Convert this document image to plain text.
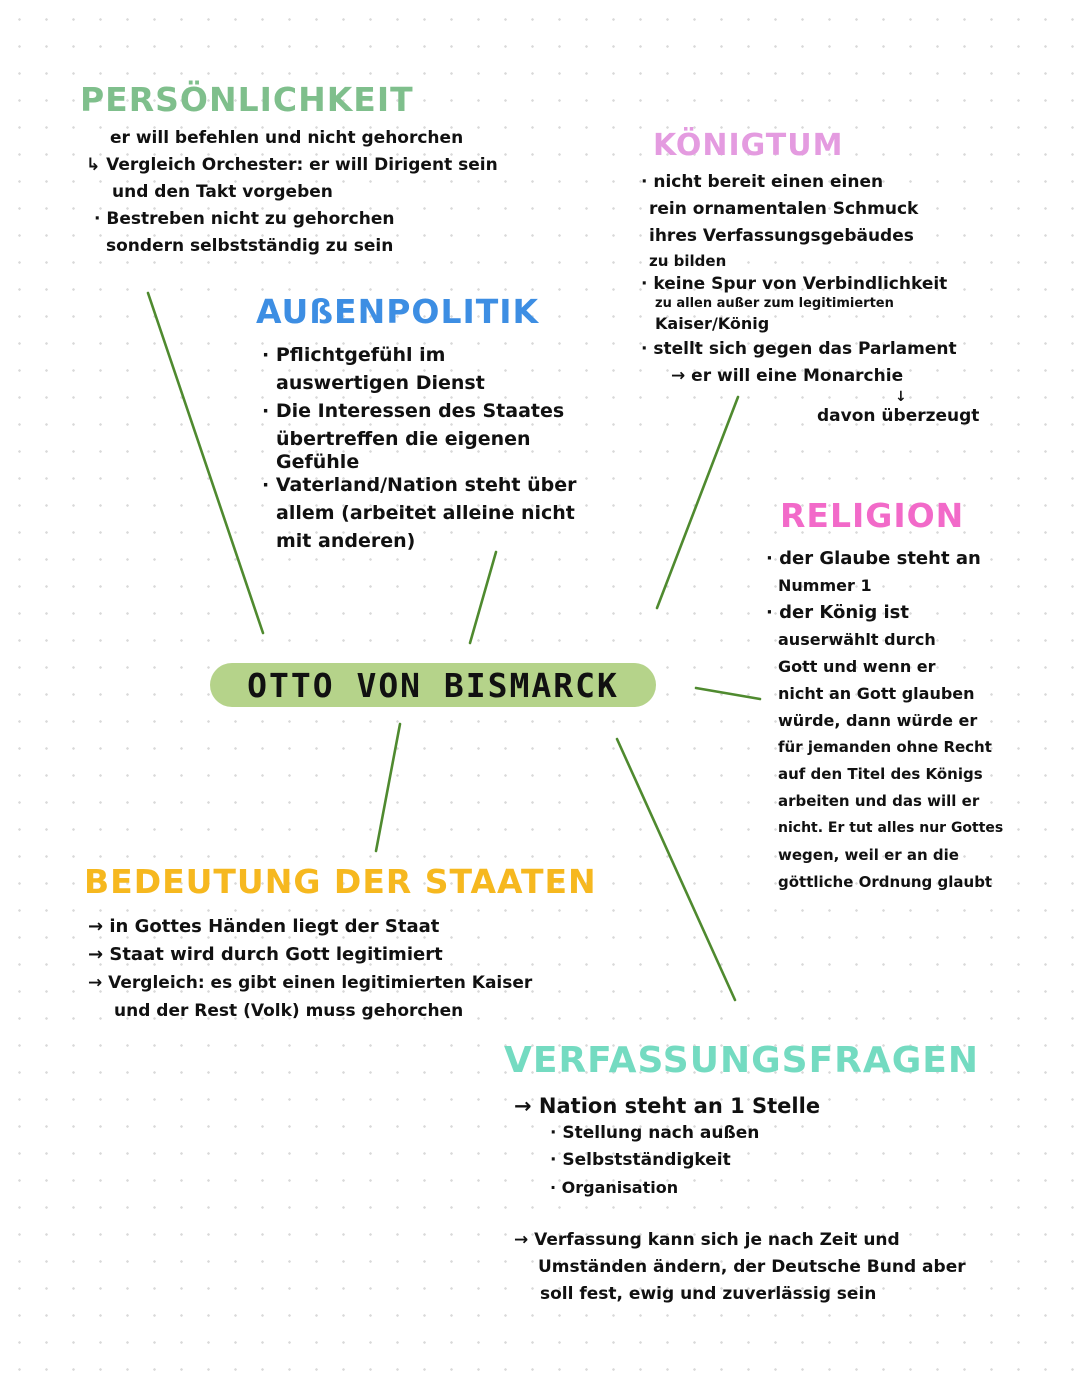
PERSÖNLICHKEIT
er will befehlen und nicht gehorchen
↳ Vergleich Orchester: er will Dirigent sein
und den Takt vorgeben
· Bestreben nicht zu gehorchen
sondern selbstständig zu sein
KÖNIGTUM
· nicht bereit einen einen
rein ornamentalen Schmuck
ihres Verfassungsgebäudes
zu bilden
· keine Spur von Verbindlichkeit
zu allen außer zum legitimierten
Kaiser/König
· stellt sich gegen das Parlament
→ er will eine Monarchie
↓
davon überzeugt
AUßENPOLITIK
· Pflichtgefühl im
auswertigen Dienst
· Die Interessen des Staates
übertreffen die eigenen
Gefühle
· Vaterland/Nation steht über
allem (arbeitet alleine nicht
mit anderen)
OTTO VON BISMARCK
RELIGION
· der Glaube steht an
Nummer 1
· der König ist
auserwählt durch
Gott und wenn er
nicht an Gott glauben
würde, dann würde er
für jemanden ohne Recht
auf den Titel des Königs
arbeiten und das will er
nicht. Er tut alles nur Gottes
wegen, weil er an die
göttliche Ordnung glaubt
BEDEUTUNG DER STAATEN
→ in Gottes Händen liegt der Staat
→ Staat wird durch Gott legitimiert
→ Vergleich: es gibt einen legitimierten Kaiser
und der Rest (Volk) muss gehorchen
VERFASSUNGSFRAGEN
→ Nation steht an 1 Stelle
· Stellung nach außen
· Selbstständigkeit
· Organisation
→ Verfassung kann sich je nach Zeit und
Umständen ändern, der Deutsche Bund aber
soll fest, ewig und zuverlässig sein
